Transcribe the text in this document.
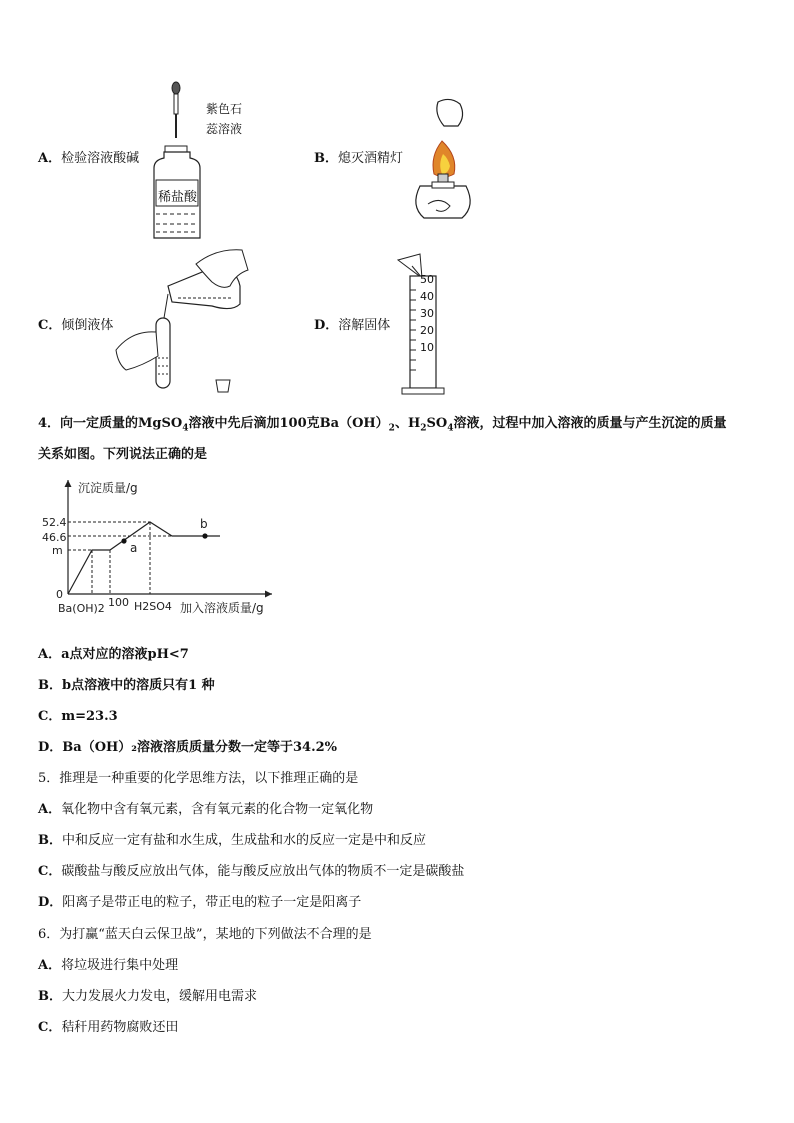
紫色石
蕊溶液
稀盐酸
A．检验溶液酸碱	B．熄灭酒精灯
C．倾倒液体
50
40
30
20
10
D．溶解固体
4．向一定质量的MgSO$_4$溶液中先后滴加100克$Ba(OH)_2$、$H_2SO_4$溶液，过程中加入溶液的质量与产生沉淀的质量
关系如图。下列说法正确的是
沉淀质量/g
加入溶液质量/g
52.4
46.6
m
0
Ba(OH)2 100 H2SO4
a
b
A．a点对应的溶液pH<7
B．b点溶液中的溶质只有1 种
C．m=23.3
D．Ba（OH）₂溶液溶质质量分数一定等于34.2%
5．推理是一种重要的化学思维方法，以下推理正确的是
A．氧化物中含有氧元素，含有氧元素的化合物一定氧化物
B．中和反应一定有盐和水生成，生成盐和水的反应一定是中和反应
C．碳酸盐与酸反应放出气体，能与酸反应放出气体的物质不一定是碳酸盐
D．阳离子是带正电的粒子，带正电的粒子一定是阳离子
6．为打赢“蓝天白云保卫战”，某地的下列做法不合理的是
A．将垃圾进行集中处理
B．大力发展火力发电，缓解用电需求
C．秸秆用药物腐败还田
